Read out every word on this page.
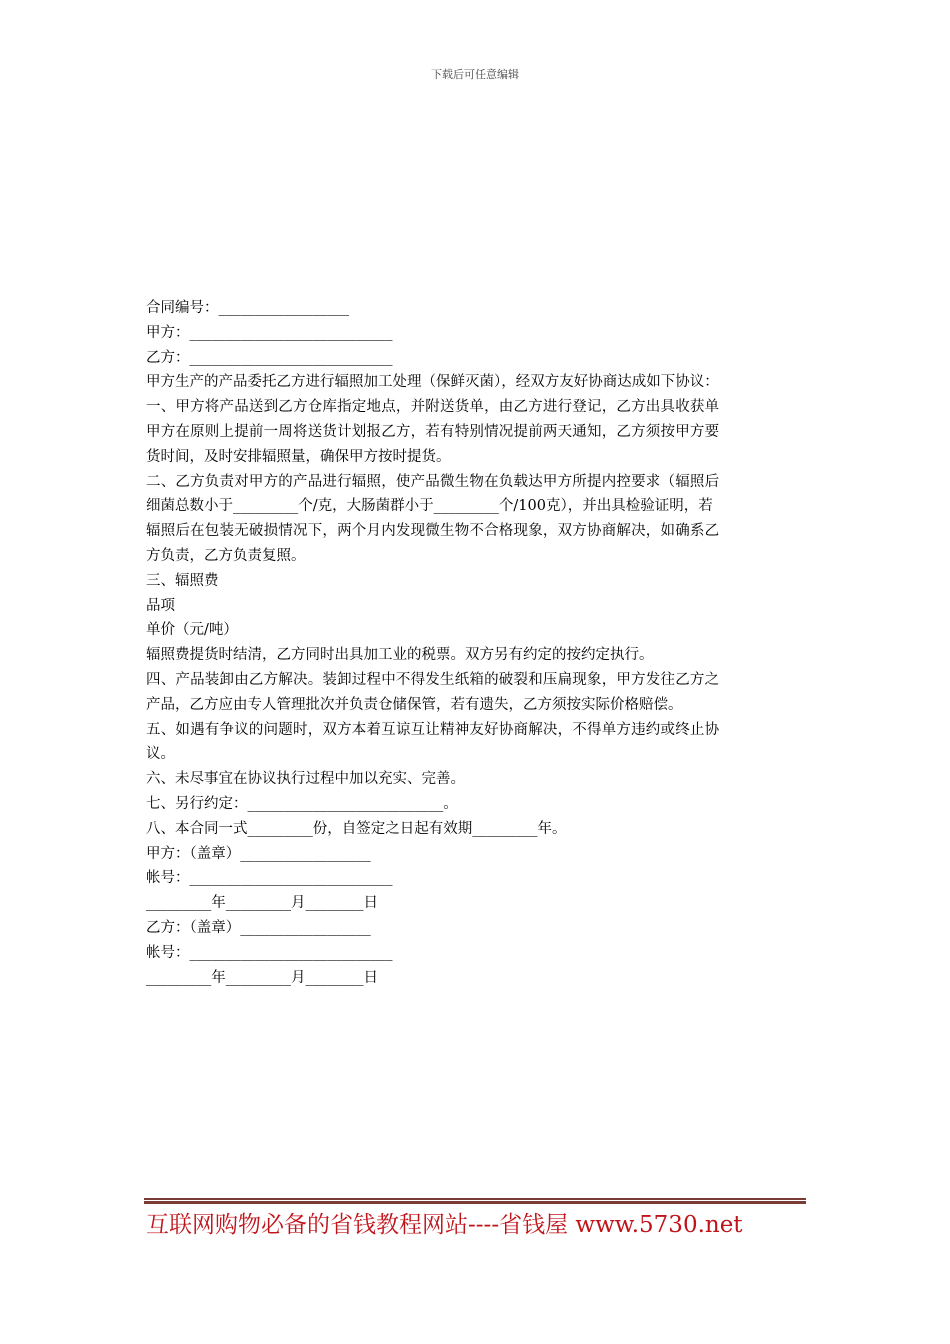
下载后可任意编辑
合同编号：__________________
甲方：____________________________
乙方：____________________________
甲方生产的产品委托乙方进行辐照加工处理（保鲜灭菌），经双方友好协商达成如下协议：
一、甲方将产品送到乙方仓库指定地点，并附送货单，由乙方进行登记，乙方出具收获单
甲方在原则上提前一周将送货计划报乙方，若有特别情况提前两天通知，乙方须按甲方要
货时间，及时安排辐照量，确保甲方按时提货。
二、乙方负责对甲方的产品进行辐照，使产品微生物在负载达甲方所提内控要求（辐照后
细菌总数小于_________个/克，大肠菌群小于_________个/100克），并出具检验证明，若
辐照后在包装无破损情况下，两个月内发现微生物不合格现象，双方协商解决，如确系乙
方负责，乙方负责复照。
三、辐照费
品项
单价（元/吨）
辐照费提货时结清，乙方同时出具加工业的税票。双方另有约定的按约定执行。
四、产品装卸由乙方解决。装卸过程中不得发生纸箱的破裂和压扁现象，甲方发往乙方之
产品，乙方应由专人管理批次并负责仓储保管，若有遗失，乙方须按实际价格赔偿。
五、如遇有争议的问题时，双方本着互谅互让精神友好协商解决，不得单方违约或终止协
议。
六、未尽事宜在协议执行过程中加以充实、完善。
七、另行约定：___________________________。
八、本合同一式_________份，自签定之日起有效期_________年。
甲方：（盖章）__________________
帐号：____________________________
_________年_________月________日
乙方：（盖章）__________________
帐号：____________________________
_________年_________月________日
互联网购物必备的省钱教程网站----省钱屋 www.5730.net
